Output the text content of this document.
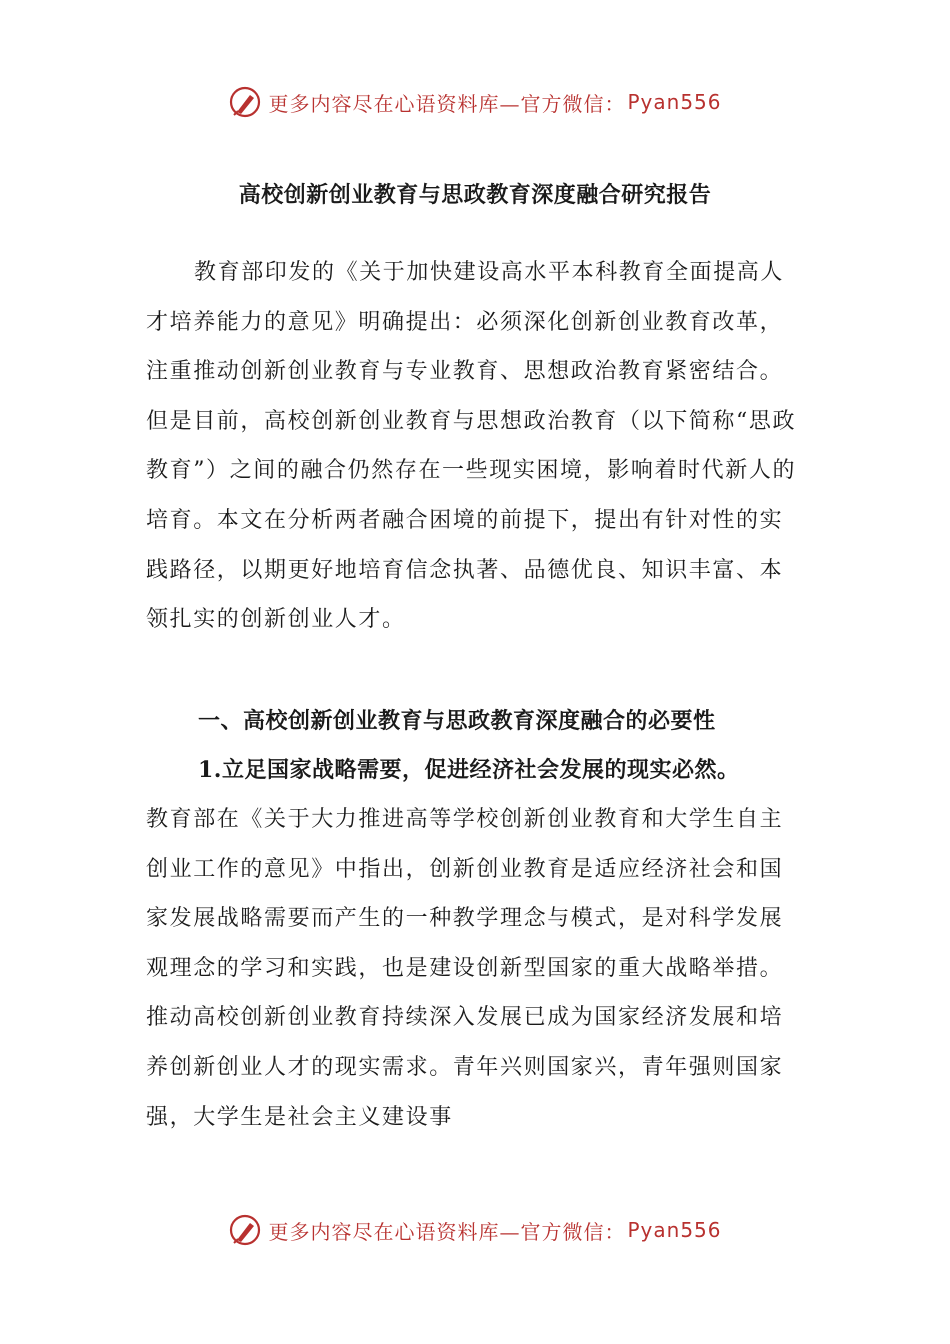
更多内容尽在心语资料库—官方微信： Pyan556
高校创新创业教育与思政教育深度融合研究报告

教育部印发的《关于加快建设高水平本科教育全面提高人才培养能力的意见》明确提出：必须深化创新创业教育改革，注重推动创新创业教育与专业教育、思想政治教育紧密结合。但是目前，高校创新创业教育与思想政治教育（以下简称“思政教育”）之间的融合仍然存在一些现实困境，影响着时代新人的培育。本文在分析两者融合困境的前提下，提出有针对性的实践路径，以期更好地培育信念执著、品德优良、知识丰富、本领扎实的创新创业人才。

一、高校创新创业教育与思政教育深度融合的必要性
1.立足国家战略需要，促进经济社会发展的现实必然。

教育部在《关于大力推进高等学校创新创业教育和大学生自主创业工作的意见》中指出，创新创业教育是适应经济社会和国家发展战略需要而产生的一种教学理念与模式，是对科学发展观理念的学习和实践，也是建设创新型国家的重大战略举措。推动高校创新创业教育持续深入发展已成为国家经济发展和培养创新创业人才的现实需求。青年兴则国家兴，青年强则国家强，大学生是社会主义建设事

更多内容尽在心语资料库—官方微信： Pyan556
